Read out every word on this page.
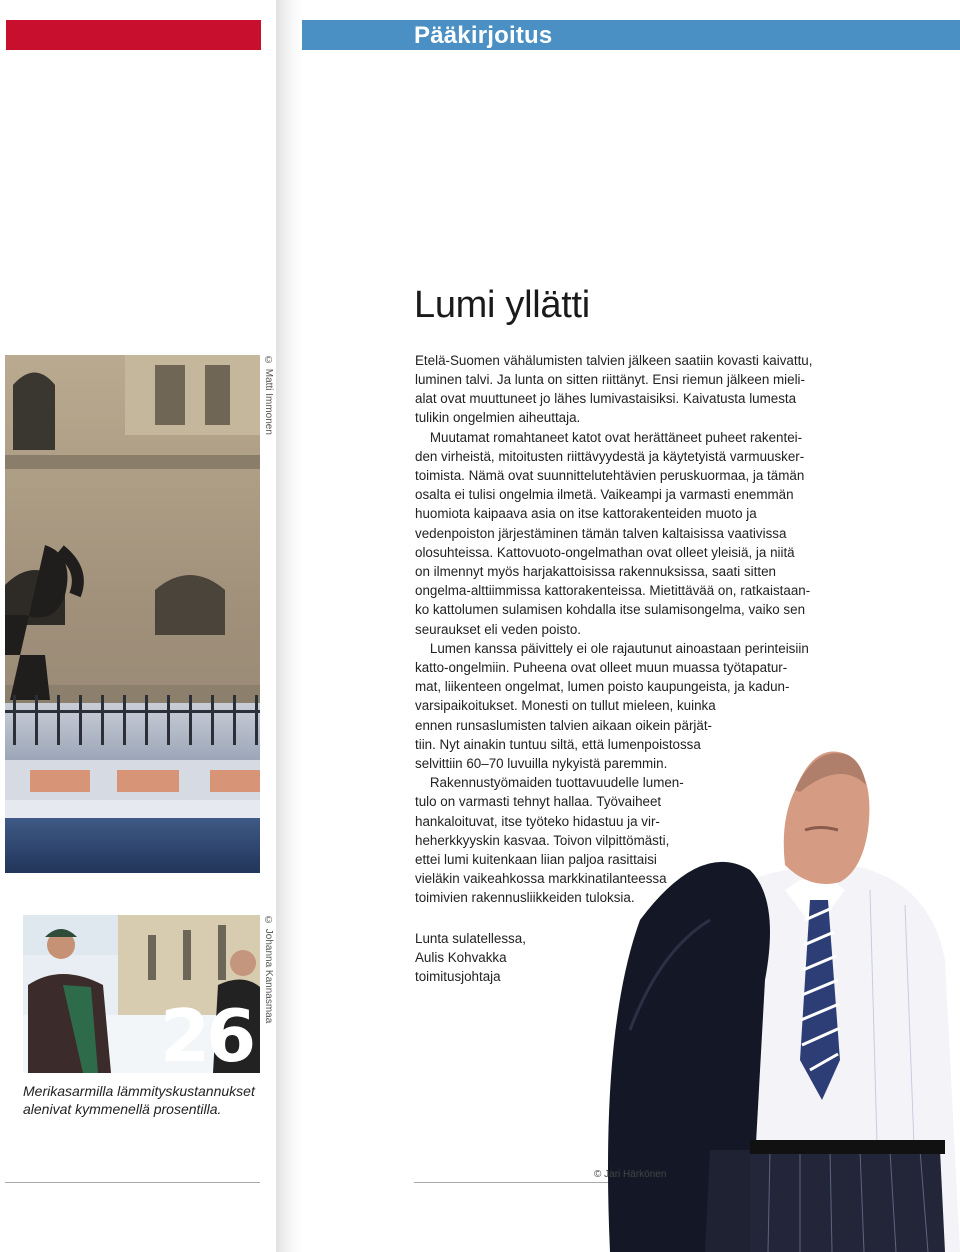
Pääkirjoitus
© Matti Immonen
26
© Johanna Kannasmaa
Merikasarmilla lämmityskustannukset
alenivat kymmenellä prosentilla.
© Jari Härkönen
Lumi yllätti
Etelä-Suomen vähälumisten talvien jälkeen saatiin kovasti kaivattu,
luminen talvi. Ja lunta on sitten riittänyt. Ensi riemun jälkeen mieli-
alat ovat muuttuneet jo lähes lumivastaisiksi. Kaivatusta lumesta
tulikin ongelmien aiheuttaja.
Muutamat romahtaneet katot ovat herättäneet puheet rakentei-
den virheistä, mitoitusten riittävyydestä ja käytetyistä varmuusker-
toimista. Nämä ovat suunnittelutehtävien peruskuormaa, ja tämän
osalta ei tulisi ongelmia ilmetä. Vaikeampi ja varmasti enemmän
huomiota kaipaava asia on itse kattorakenteiden muoto ja
vedenpoiston järjestäminen tämän talven kaltaisissa vaativissa
olosuhteissa. Kattovuoto-ongelmathan ovat olleet yleisiä, ja niitä
on ilmennyt myös harjakattoisissa rakennuksissa, saati sitten
ongelma-alttiimmissa kattorakenteissa. Mietittävää on, ratkaistaan-
ko kattolumen sulamisen kohdalla itse sulamisongelma, vaiko sen
seuraukset eli veden poisto.
Lumen kanssa päivittely ei ole rajautunut ainoastaan perinteisiin
katto-ongelmiin. Puheena ovat olleet muun muassa työtapatur-
mat, liikenteen ongelmat, lumen poisto kaupungeista, ja kadun-
varsipaikoitukset. Monesti on tullut mieleen, kuinka
ennen runsaslumisten talvien aikaan oikein pärjät-
tiin. Nyt ainakin tuntuu siltä, että lumenpoistossa
selvittiin 60–70 luvuilla nykyistä paremmin.
Rakennustyömaiden tuottavuudelle lumen-
tulo on varmasti tehnyt hallaa. Työvaiheet
hankaloituvat, itse työteko hidastuu ja vir-
heherkkyyskin kasvaa. Toivon vilpittömästi,
ettei lumi kuitenkaan liian paljoa rasittaisi
vieläkin vaikeahkossa markkinatilanteessa
toimivien rakennusliikkeiden tuloksia.
Lunta sulatellessa,
Aulis Kohvakka
toimitusjohtaja
